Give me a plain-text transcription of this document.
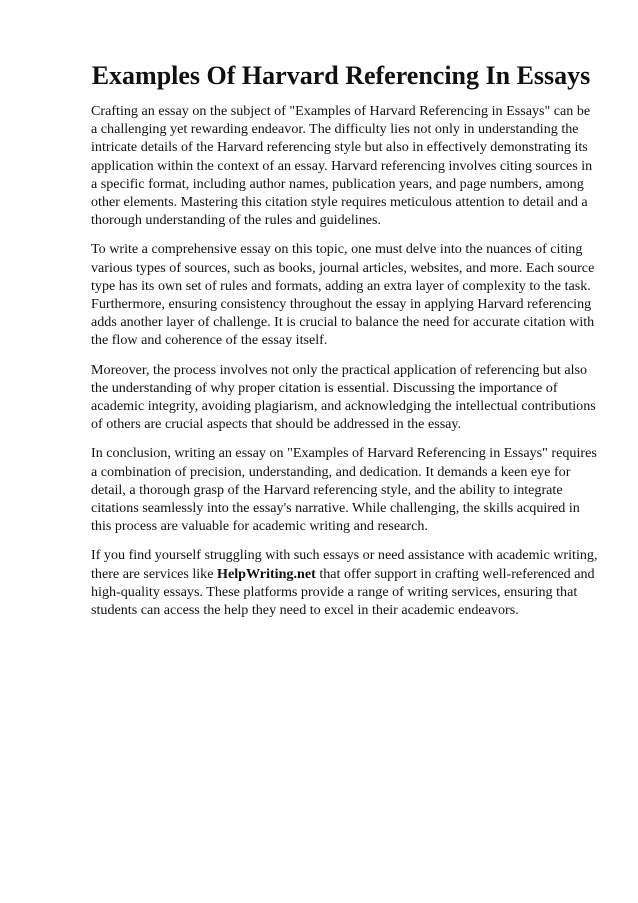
Examples Of Harvard Referencing In Essays

Crafting an essay on the subject of "Examples of Harvard Referencing in Essays" can be a challenging yet rewarding endeavor. The difficulty lies not only in understanding the intricate details of the Harvard referencing style but also in effectively demonstrating its application within the context of an essay. Harvard referencing involves citing sources in a specific format, including author names, publication years, and page numbers, among other elements. Mastering this citation style requires meticulous attention to detail and a thorough understanding of the rules and guidelines.

To write a comprehensive essay on this topic, one must delve into the nuances of citing various types of sources, such as books, journal articles, websites, and more. Each source type has its own set of rules and formats, adding an extra layer of complexity to the task. Furthermore, ensuring consistency throughout the essay in applying Harvard referencing adds another layer of challenge. It is crucial to balance the need for accurate citation with the flow and coherence of the essay itself.

Moreover, the process involves not only the practical application of referencing but also the understanding of why proper citation is essential. Discussing the importance of academic integrity, avoiding plagiarism, and acknowledging the intellectual contributions of others are crucial aspects that should be addressed in the essay.

In conclusion, writing an essay on "Examples of Harvard Referencing in Essays" requires a combination of precision, understanding, and dedication. It demands a keen eye for detail, a thorough grasp of the Harvard referencing style, and the ability to integrate citations seamlessly into the essay's narrative. While challenging, the skills acquired in this process are valuable for academic writing and research.

If you find yourself struggling with such essays or need assistance with academic writing, there are services like HelpWriting.net that offer support in crafting well-referenced and high-quality essays. These platforms provide a range of writing services, ensuring that students can access the help they need to excel in their academic endeavors.
